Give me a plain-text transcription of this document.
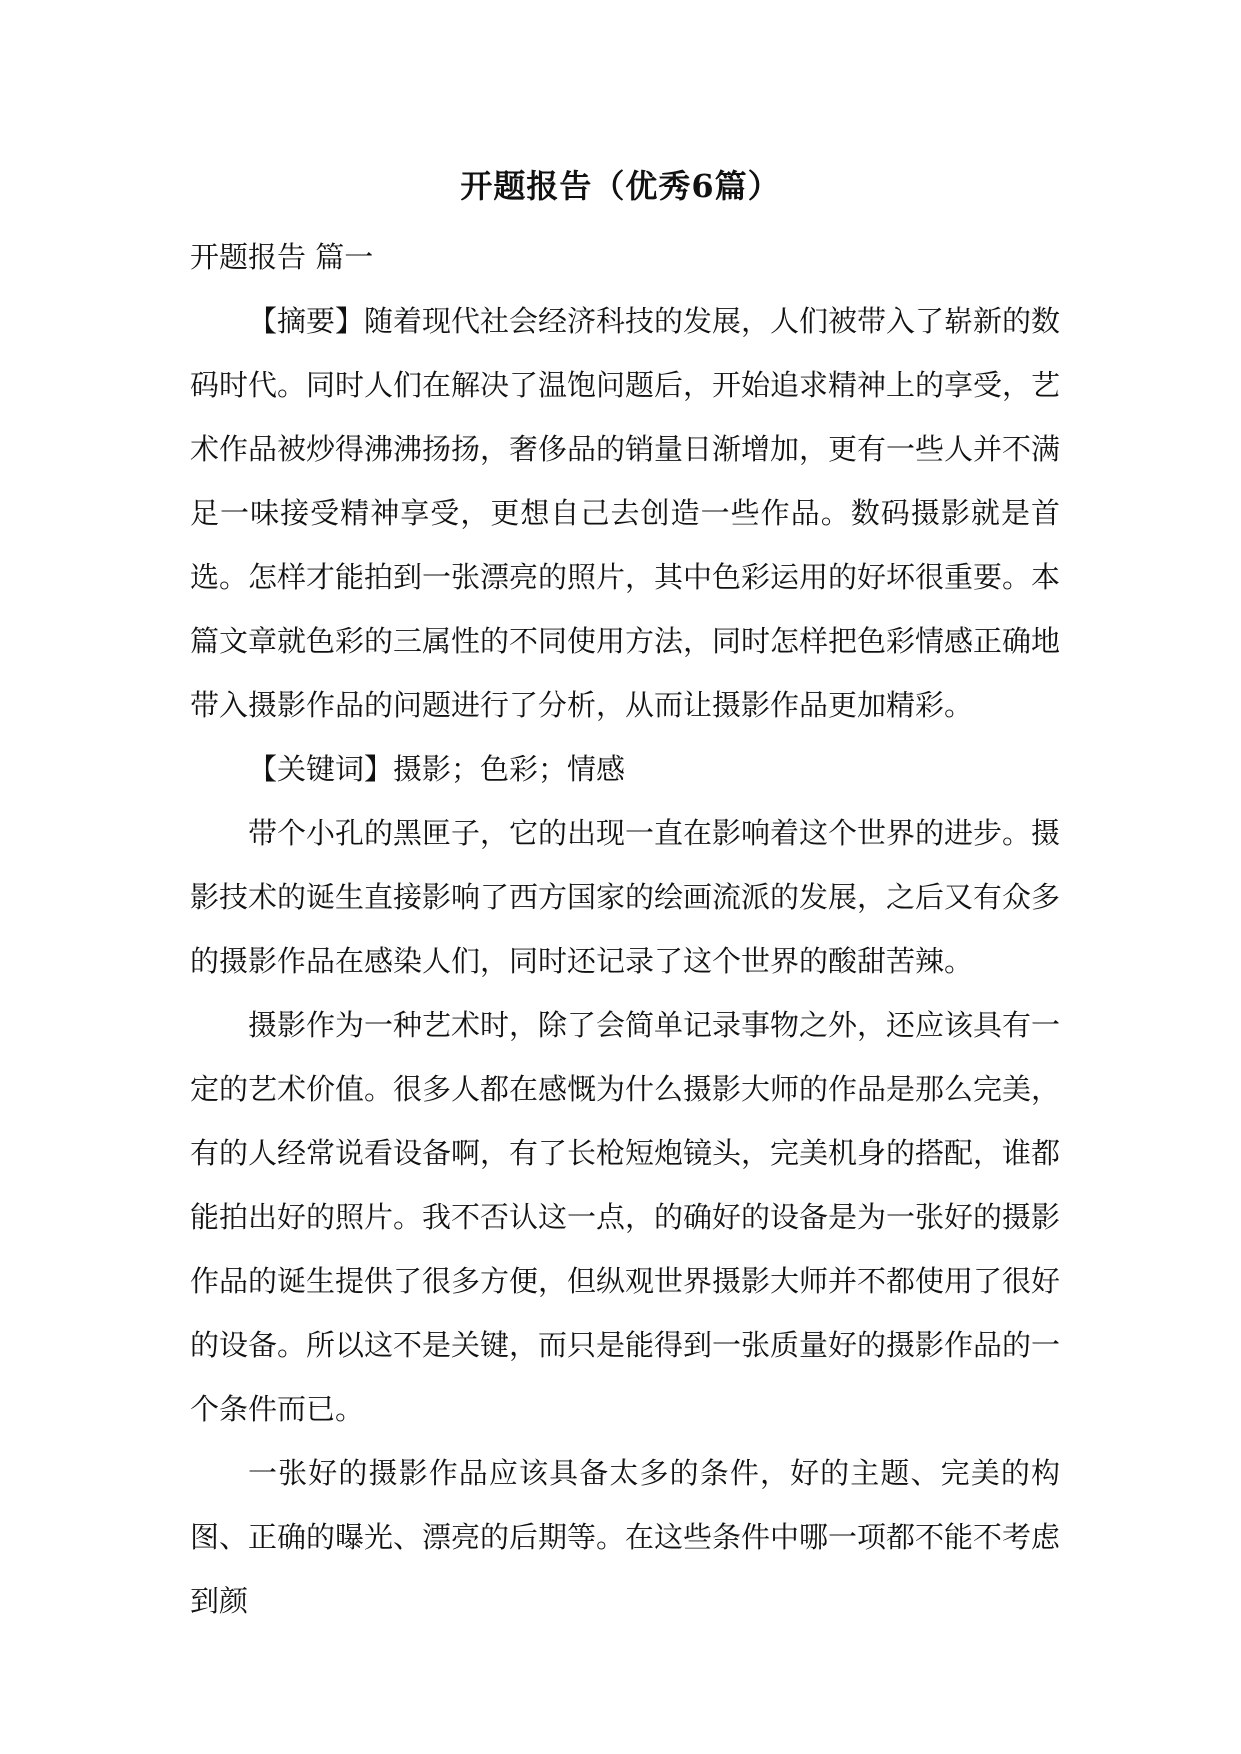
开题报告（优秀6篇）

开题报告 篇一

【摘要】随着现代社会经济科技的发展，人们被带入了崭新的数码时代。同时人们在解决了温饱问题后，开始追求精神上的享受，艺术作品被炒得沸沸扬扬，奢侈品的销量日渐增加，更有一些人并不满足一味接受精神享受，更想自己去创造一些作品。数码摄影就是首选。怎样才能拍到一张漂亮的照片，其中色彩运用的好坏很重要。本篇文章就色彩的三属性的不同使用方法，同时怎样把色彩情感正确地带入摄影作品的问题进行了分析，从而让摄影作品更加精彩。

【关键词】摄影；色彩；情感

带个小孔的黑匣子，它的出现一直在影响着这个世界的进步。摄影技术的诞生直接影响了西方国家的绘画流派的发展，之后又有众多的摄影作品在感染人们，同时还记录了这个世界的酸甜苦辣。

摄影作为一种艺术时，除了会简单记录事物之外，还应该具有一定的艺术价值。很多人都在感慨为什么摄影大师的作品是那么完美，有的人经常说看设备啊，有了长枪短炮镜头，完美机身的搭配，谁都能拍出好的照片。我不否认这一点，的确好的设备是为一张好的摄影作品的诞生提供了很多方便，但纵观世界摄影大师并不都使用了很好的设备。所以这不是关键，而只是能得到一张质量好的摄影作品的一个条件而已。

一张好的摄影作品应该具备太多的条件，好的主题、完美的构图、正确的曝光、漂亮的后期等。在这些条件中哪一项都不能不考虑到颜
